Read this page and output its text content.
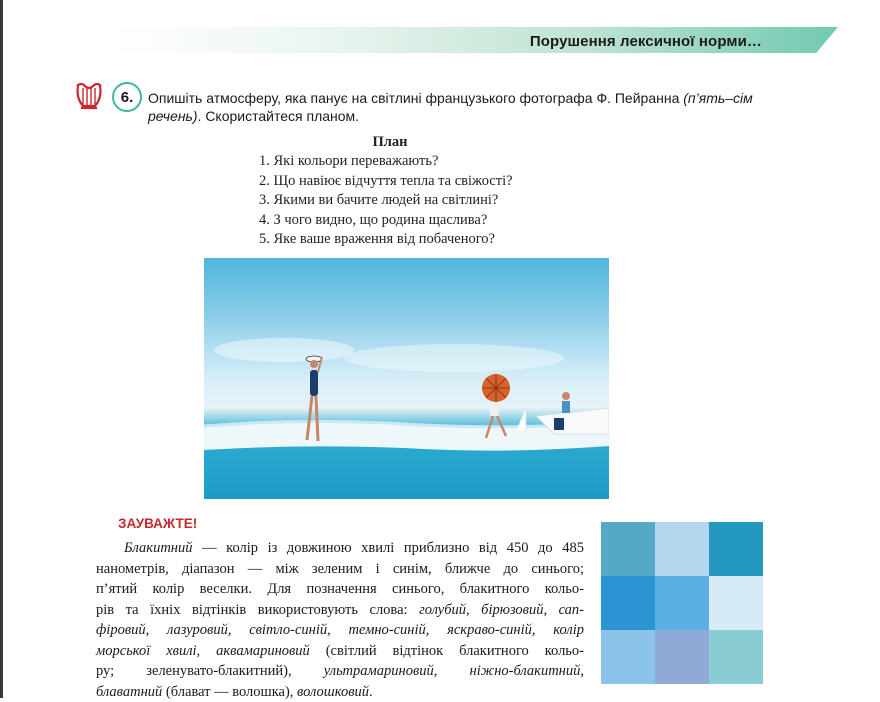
Порушення лексичної норми…
6.	Опишіть атмосферу, яка панує на світлині французького фотографа Ф. Пейранна (п’ять–сім речень). Скористайтеся планом.
План
1. Які кольори переважають?
2. Що навіює відчуття тепла та свіжості?
3. Якими ви бачите людей на світлині?
4. З чого видно, що родина щаслива?
5. Яке ваше враження від побаченого?
ЗАУВАЖТЕ!
Блакитний — колір із довжиною хвилі приблизно від 450 до 485
нанометрів, діапазон — між зеленим і синім, ближче до синього;
п’ятий колір веселки. Для позначення синього, блакитного кольо-
рів та їхніх відтінків використовують слова: голубий, бірюзовий, сап-
фіровий, лазуровий, світло-синій, темно-синій, яскраво-синій, колір
морської хвилі, аквамариновий (світлий відтінок блакитного кольо-
ру; зеленувато-блакитний), ультрамариновий, ніжно-блакитний,
блаватний (блават — волошка), волошковий.
